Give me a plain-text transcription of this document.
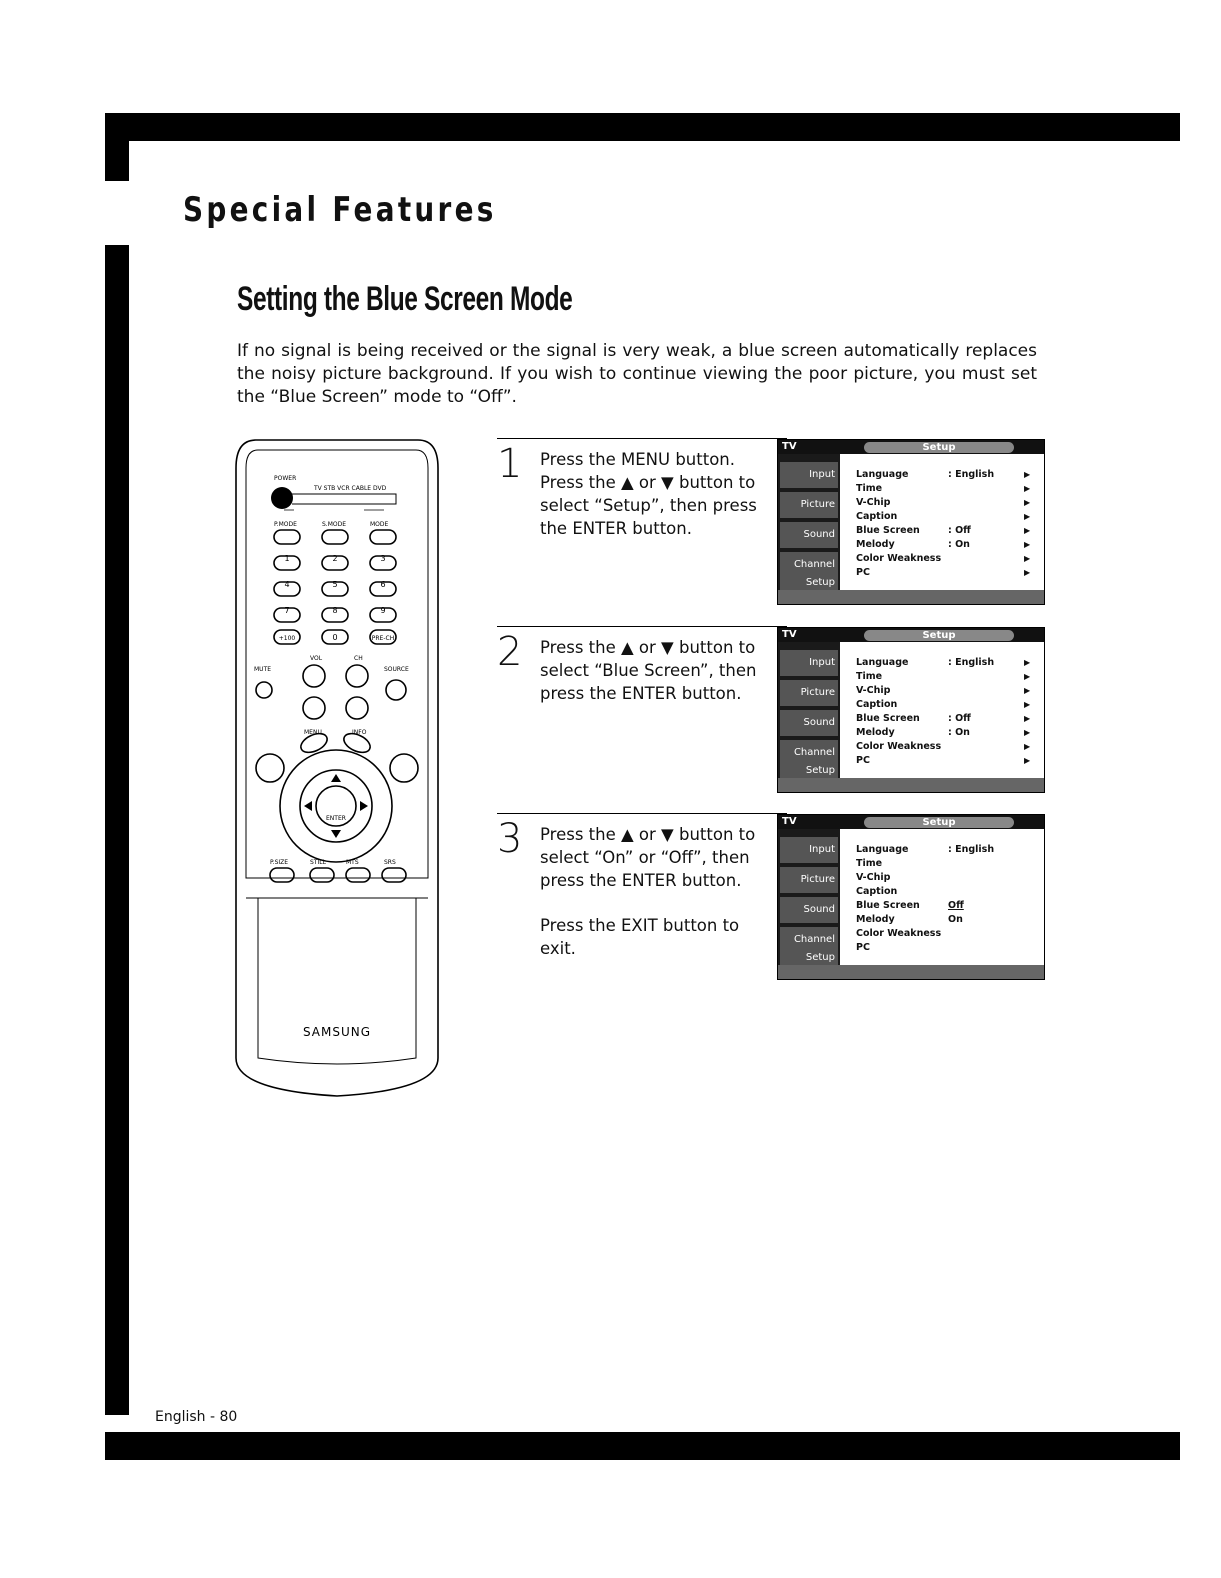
Special Features
Setting the Blue Screen Mode
If no signal is being received or the signal is very weak, a blue screen automatically replaces the noisy picture background. If you wish to continue viewing the poor picture, you must set the “Blue Screen” mode to “Off”.
POWER
TV STB VCR CABLE DVD
P.MODE	S.MODE	MODE
MUTE
VOL	CH
SOURCE
MENU	INFO
ENTER
P.SIZE	STILL	MTS	SRS
1	2	3
4	5	6
7	8	9
+100	0	PRE-CH
SAMSUNG
1 Press the MENU button. Press the ▲ or ▼ button to select “Setup”, then press the ENTER button.

Input
Picture
Sound
Channel
Setup
TV	Setup
Language	: English	▶
Time	▶
V-Chip	▶
Caption	▶
Blue Screen	: Off	▶
Melody	: On	▶
Color Weakness	▶
PC	▶
2 Press the ▲ or ▼ button to select “Blue Screen”, then press the ENTER button.

Input
Picture
Sound
Channel
Setup
TV	Setup
Language	: English	▶
Time	▶
V-Chip	▶
Caption	▶
Blue Screen	: Off	▶
Melody	: On	▶
Color Weakness	▶
PC	▶
3 Press the ▲ or ▼ button to select “On” or “Off”, then press the ENTER button.

Press the EXIT button to exit.

Input
Picture
Sound
Channel
Setup
TV	Setup
Language	: English
Time
V-Chip
Caption
Blue Screen	Off
Melody	On
Color Weakness
PC
English - 80
